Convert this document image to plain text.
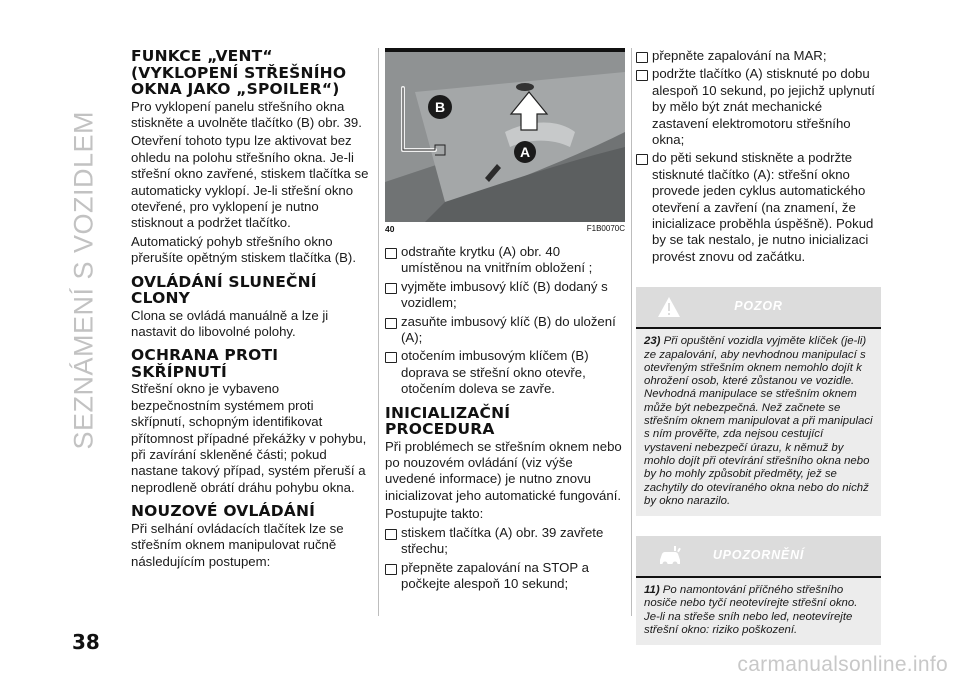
SEZNÁMENÍ S VOZIDLEM
38
FUNKCE „VENT“
(VYKLOPENÍ STŘEŠNÍHO
OKNA JAKO „SPOILER“)

Pro vyklopení panelu střešního okna stiskněte a uvolněte tlačítko (B) obr. 39.

Otevření tohoto typu lze aktivovat bez ohledu na polohu střešního okna. Je-li střešní okno zavřené, stiskem tlačítka se automaticky vyklopí. Je-li střešní okno otevřené, pro vyklopení je nutno stisknout a podržet tlačítko.

Automatický pohyb střešního okno přerušíte opětným stiskem tlačítka (B).

OVLÁDÁNÍ SLUNEČNÍ
CLONY

Clona se ovládá manuálně a lze ji nastavit do libovolné polohy.

OCHRANA PROTI
SKŘÍPNUTÍ

Střešní okno je vybaveno bezpečnostním systémem proti skřípnutí, schopným identifikovat přítomnost případné překážky v pohybu, při zavírání skleněné části; pokud nastane takový případ, systém přeruší a neprodleně obrátí dráhu pohybu okna.

NOUZOVÉ OVLÁDÁNÍ

Při selhání ovládacích tlačítek lze se střešním oknem manipulovat ručně následujícím postupem:

A
B
40	F1B0070C

odstraňte krytku (A) obr. 40 umístěnou na vnitřním obložení ;

vyjměte imbusový klíč (B) dodaný s vozidlem;

zasuňte imbusový klíč (B) do uložení (A);

otočením imbusovým klíčem (B) doprava se střešní okno otevře, otočením doleva se zavře.

INICIALIZAČNÍ
PROCEDURA

Při problémech se střešním oknem nebo po nouzovém ovládání (viz výše uvedené informace) je nutno znovu inicializovat jeho automatické fungování.

Postupujte takto:

stiskem tlačítka (A) obr. 39 zavřete střechu;

přepněte zapalování na STOP a počkejte alespoň 10 sekund;

přepněte zapalování na MAR;

podržte tlačítko (A) stisknuté po dobu alespoň 10 sekund, po jejichž uplynutí by mělo být znát mechanické zastavení elektromotoru střešního okna;

do pěti sekund stiskněte a podržte stisknuté tlačítko (A): střešní okno provede jeden cyklus automatického otevření a zavření (na znamení, že inicializace proběhla úspěšně). Pokud by se tak nestalo, je nutno inicializaci provést znovu od začátku.

POZOR
23) Při opuštění vozidla vyjměte klíček (je-li) ze zapalování, aby nevhodnou manipulací s otevřeným střešním oknem nemohlo dojít k ohrožení osob, které zůstanou ve vozidle. Nevhodná manipulace se střešním oknem může být nebezpečná. Než začnete se střešním oknem manipulovat a při manipulaci s ním prověřte, zda nejsou cestující vystaveni nebezpečí úrazu, k němuž by mohlo dojít při otevírání střešního okna nebo by ho mohly způsobit předměty, jež se zachytily do otevíraného okna nebo do nichž by okno narazilo.
UPOZORNĚNÍ
11) Po namontování příčného střešního nosiče nebo tyčí neotevírejte střešní okno. Je-li na střeše sníh nebo led, neotevírejte střešní okno: riziko poškození.
carmanualsonline.info
